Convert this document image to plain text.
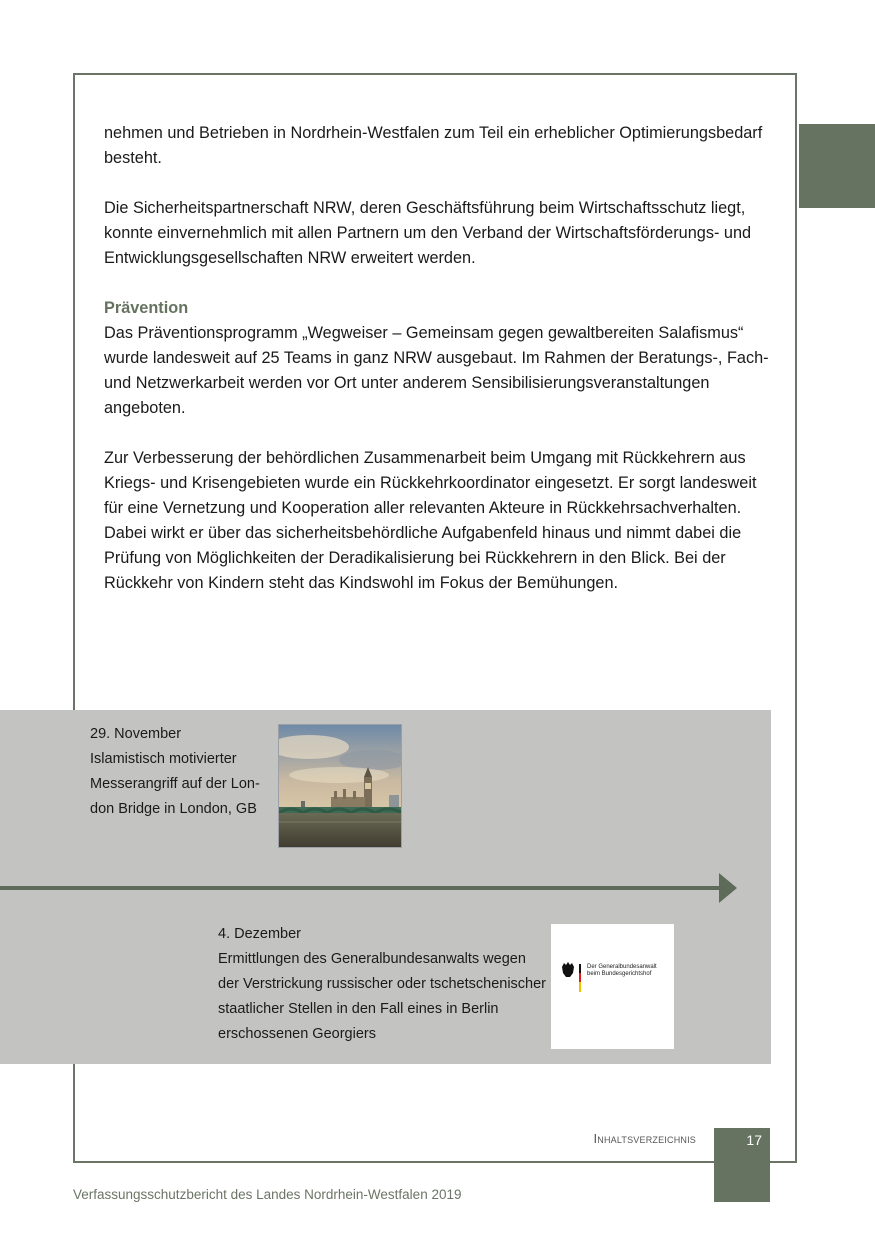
nehmen und Betrieben in Nordrhein-Westfalen zum Teil ein erheblicher Optimierungsbedarf besteht.

Die Sicherheitspartnerschaft NRW, deren Geschäftsführung beim Wirtschaftsschutz liegt, konnte einvernehmlich mit allen Partnern um den Verband der Wirtschaftsförderungs- und Entwicklungsgesellschaften NRW erweitert werden.

Prävention

Das Präventionsprogramm „Wegweiser – Gemeinsam gegen gewaltbereiten Salafismus“ wurde landesweit auf 25 Teams in ganz NRW ausgebaut. Im Rahmen der Beratungs-, Fach- und Netzwerkarbeit werden vor Ort unter anderem Sensibilisierungsveranstaltungen angeboten.

Zur Verbesserung der behördlichen Zusammenarbeit beim Umgang mit Rückkehrern aus Kriegs- und Krisengebieten wurde ein Rückkehrkoordinator eingesetzt. Er sorgt landesweit für eine Vernetzung und Kooperation aller relevanten Akteure in Rückkehrsachverhalten. Dabei wirkt er über das sicherheitsbehördliche Aufgabenfeld hinaus und nimmt dabei die Prüfung von Möglichkeiten der Deradikalisierung bei Rückkehrern in den Blick. Bei der Rückkehr von Kindern steht das Kindswohl im Fokus der Bemühungen.

29. November
Islamistisch motivierter Messerangriff auf der London Bridge in London, GB
4. Dezember
Ermittlungen des Generalbundesanwalts wegen der Verstrickung russischer oder tschetschenischer staatlicher Stellen in den Fall eines in Berlin erschossenen Georgiers
Der Generalbundesanwalt
beim Bundesgerichtshof
Inhaltsverzeichnis	17
Verfassungsschutzbericht des Landes Nordrhein-Westfalen 2019
